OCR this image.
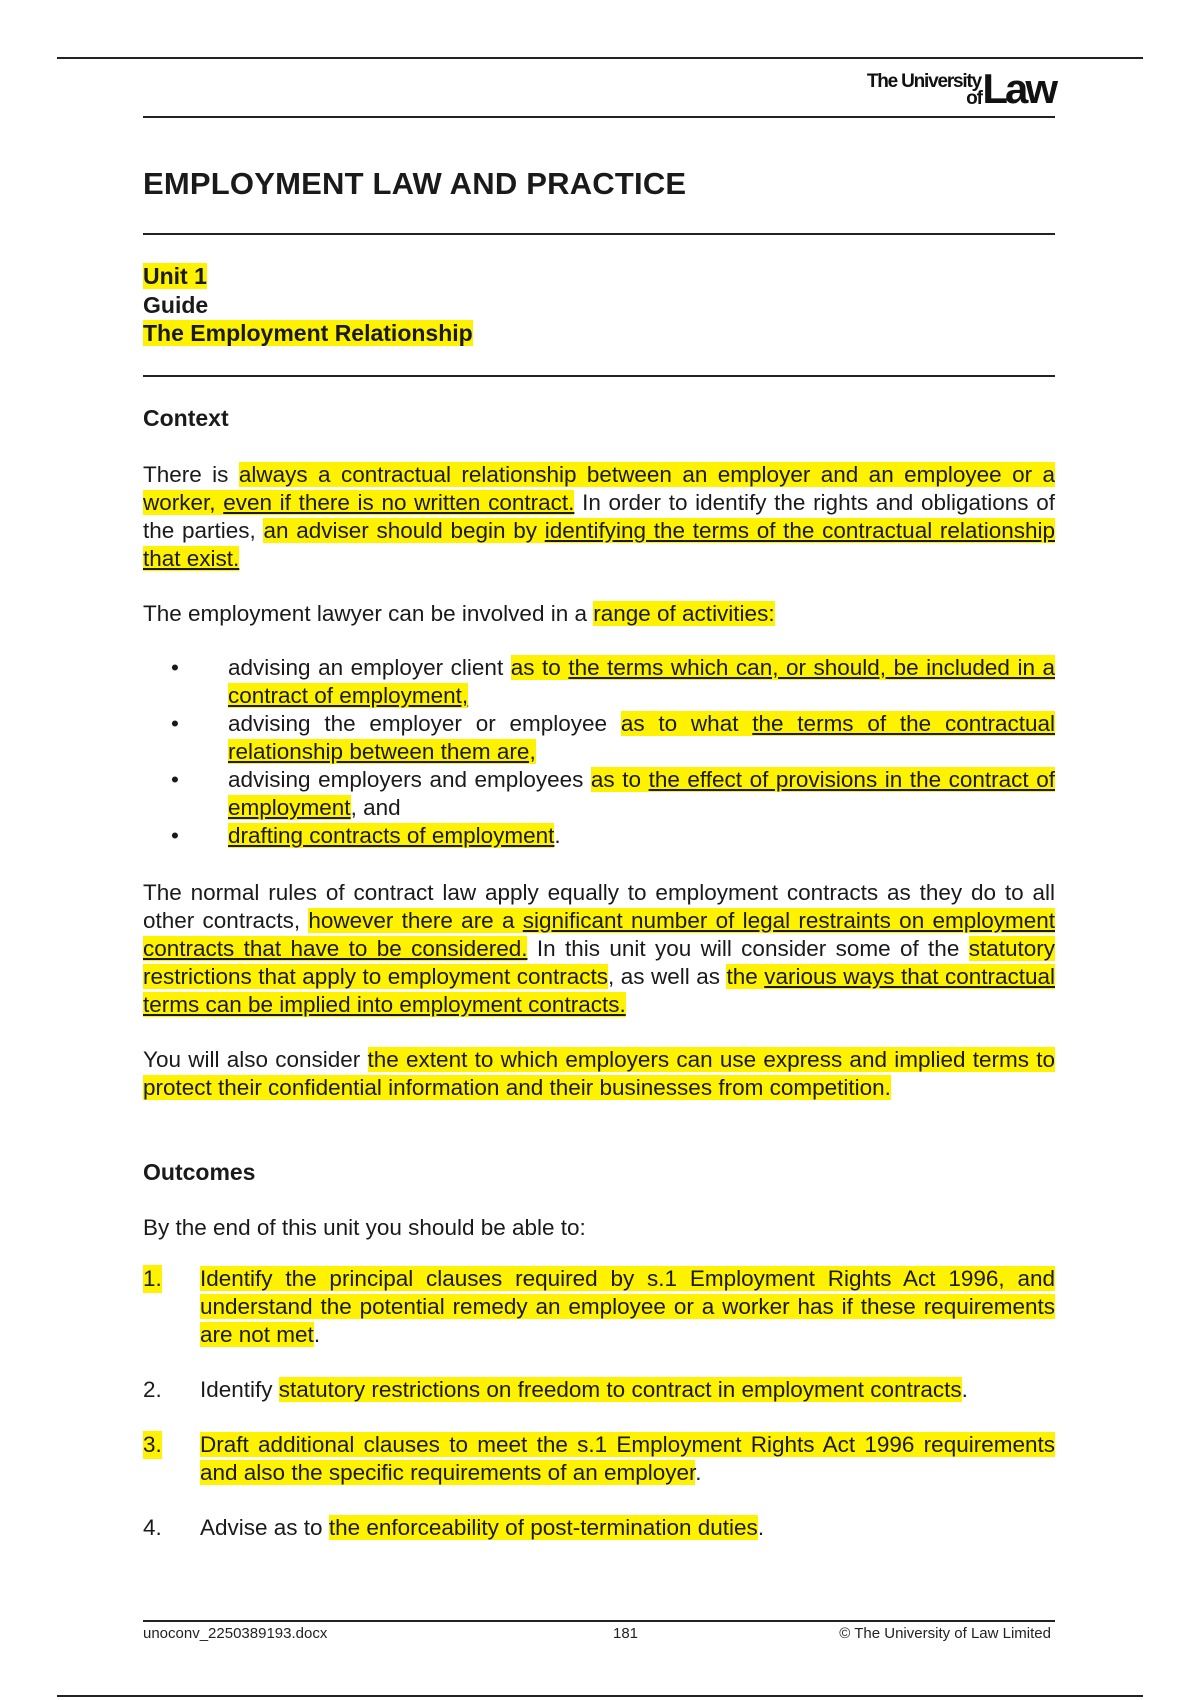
The University
of Law
EMPLOYMENT LAW AND PRACTICE
Unit 1
Guide
The Employment Relationship
Context

There is always a contractual relationship between an employer and an employee or a worker, even if there is no written contract. In order to identify the rights and obligations of the parties, an adviser should begin by identifying the terms of the contractual relationship that exist.

The employment lawyer can be involved in a range of activities:

• advising an employer client as to the terms which can, or should, be included in a contract of employment,
• advising the employer or employee as to what the terms of the contractual relationship between them are,
• advising employers and employees as to the effect of provisions in the contract of employment, and
• drafting contracts of employment.

The normal rules of contract law apply equally to employment contracts as they do to all other contracts, however there are a significant number of legal restraints on employment contracts that have to be considered. In this unit you will consider some of the statutory restrictions that apply to employment contracts, as well as the various ways that contractual terms can be implied into employment contracts.

You will also consider the extent to which employers can use express and implied terms to protect their confidential information and their businesses from competition.

Outcomes

By the end of this unit you should be able to:

1. Identify the principal clauses required by s.1 Employment Rights Act 1996, and understand the potential remedy an employee or a worker has if these requirements are not met.
2. Identify statutory restrictions on freedom to contract in employment contracts.
3. Draft additional clauses to meet the s.1 Employment Rights Act 1996 requirements and also the specific requirements of an employer.
4. Advise as to the enforceability of post-termination duties.
unoconv_2250389193.docx	181	© The University of Law Limited
